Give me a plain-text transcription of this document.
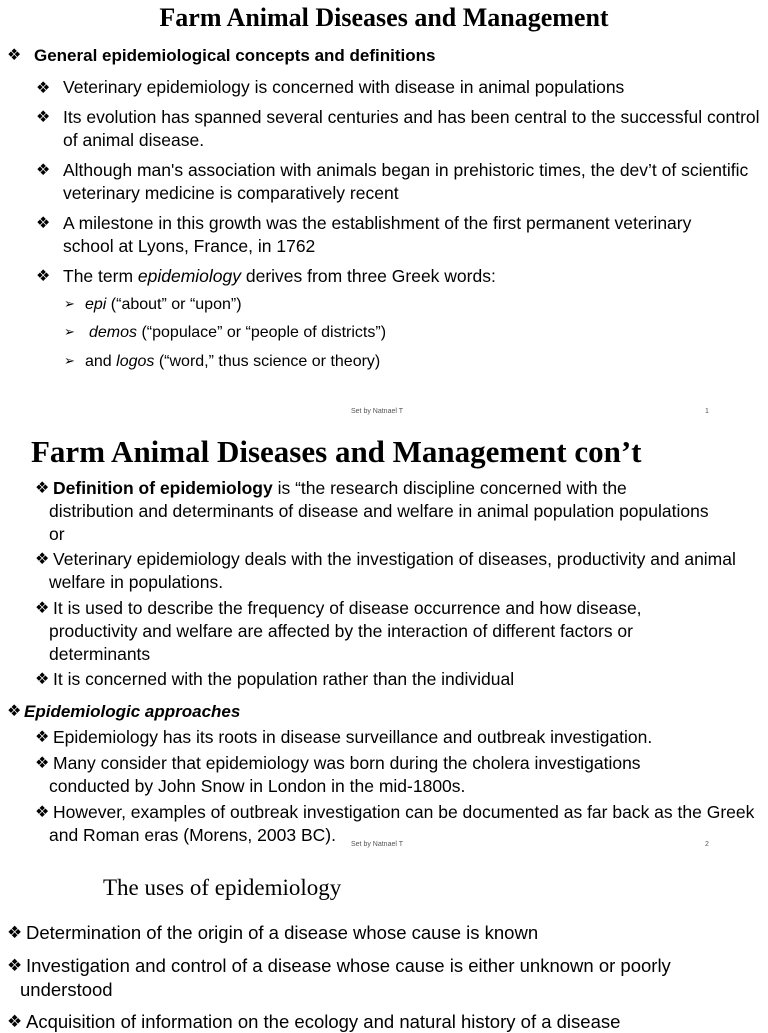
Farm Animal Diseases and Management
❖ General epidemiological concepts and definitions
❖ Veterinary epidemiology is concerned with disease in animal populations
❖ Its evolution has spanned several centuries and has been central to the successful control of animal disease.
❖ Although man's association with animals began in prehistoric times, the dev’t of scientific veterinary medicine is comparatively recent
❖ A milestone in this growth was the establishment of the first permanent veterinary school at Lyons, France, in 1762
❖ The term epidemiology derives from three Greek words:
➢ epi (“about” or “upon”)
➢ demos (“populace” or “people of districts”)
➢ and logos (“word,” thus science or theory)
Set by Natnael T	1
Farm Animal Diseases and Management con’t
❖ Definition of epidemiology is “the research discipline concerned with the distribution and determinants of disease and welfare in animal population populations or
❖ Veterinary epidemiology deals with the investigation of diseases, productivity and animal welfare in populations.
❖ It is used to describe the frequency of disease occurrence and how disease, productivity and welfare are affected by the interaction of different factors or determinants
❖ It is concerned with the population rather than the individual
❖ Epidemiologic approaches
❖ Epidemiology has its roots in disease surveillance and outbreak investigation.
❖ Many consider that epidemiology was born during the cholera investigations conducted by John Snow in London in the mid-1800s.
❖ However, examples of outbreak investigation can be documented as far back as the Greek and Roman eras (Morens, 2003 BC).	Set by Natnael T	2
The uses of epidemiology
❖ Determination of the origin of a disease whose cause is known
❖ Investigation and control of a disease whose cause is either unknown or poorly understood
❖ Acquisition of information on the ecology and natural history of a disease
